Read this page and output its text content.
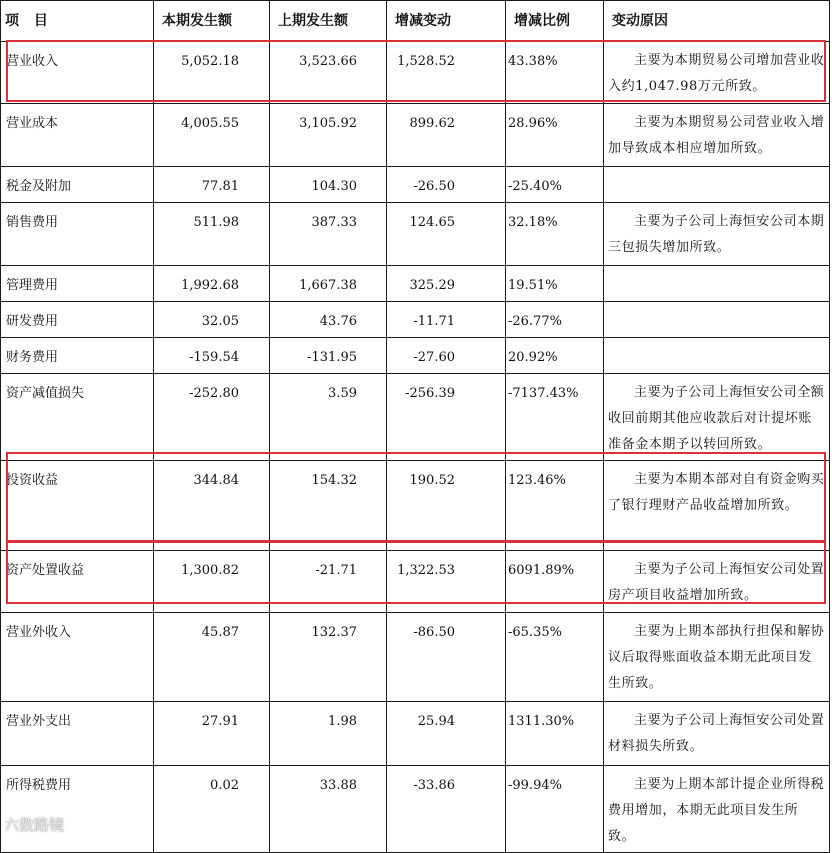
项 目	本期发生额	上期发生额	增减变动	增减比例	变动原因
营业收入	5,052.18	3,523.66	1,528.52	43.38%	主要为本期贸易公司增加营业收入约1,047.98万元所致。
营业成本	4,005.55	3,105.92	899.62	28.96%	主要为本期贸易公司营业收入增加导致成本相应增加所致。
税金及附加	77.81	104.30	-26.50	-25.40%	
销售费用	511.98	387.33	124.65	32.18%	主要为子公司上海恒安公司本期三包损失增加所致。
管理费用	1,992.68	1,667.38	325.29	19.51%	
研发费用	32.05	43.76	-11.71	-26.77%	
财务费用	-159.54	-131.95	-27.60	20.92%	
资产减值损失	-252.80	3.59	-256.39	-7137.43%	主要为子公司上海恒安公司全额收回前期其他应收款后对计提坏账准备金本期予以转回所致。
投资收益	344.84	154.32	190.52	123.46%	主要为本期本部对自有资金购买了银行理财产品收益增加所致。
资产处置收益	1,300.82	-21.71	1,322.53	6091.89%	主要为子公司上海恒安公司处置房产项目收益增加所致。
营业外收入	45.87	132.37	-86.50	-65.35%	主要为上期本部执行担保和解协议后取得账面收益本期无此项目发生所致。
营业外支出	27.91	1.98	25.94	1311.30%	主要为子公司上海恒安公司处置材料损失所致。
所得税费用	0.02	33.88	-33.86	-99.94%	主要为上期本部计提企业所得税费用增加，本期无此项目发生所致。
六数路镜
